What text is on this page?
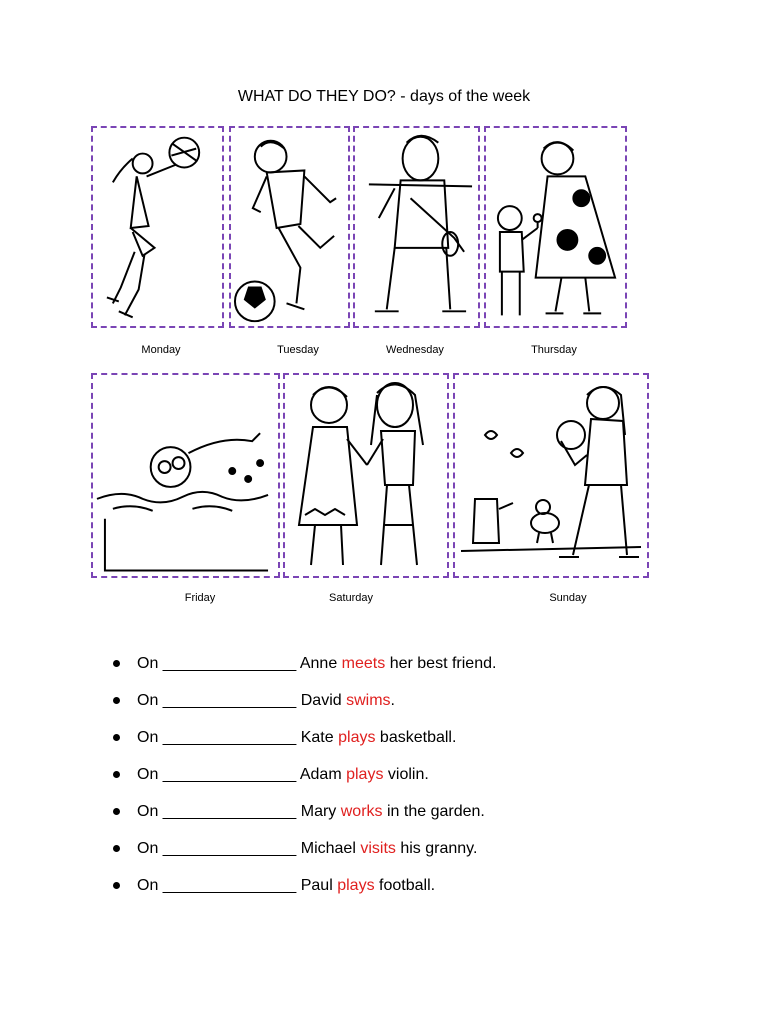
WHAT DO THEY DO? - days of the week
Monday	Tuesday	Wednesday	Thursday
Friday	Saturday	Sunday
On _______________ Anne meets her best friend.
On _______________ David swims.
On _______________ Kate plays basketball.
On _______________ Adam plays violin.
On _______________ Mary works in the garden.
On _______________ Michael visits his granny.
On _______________ Paul plays football.
